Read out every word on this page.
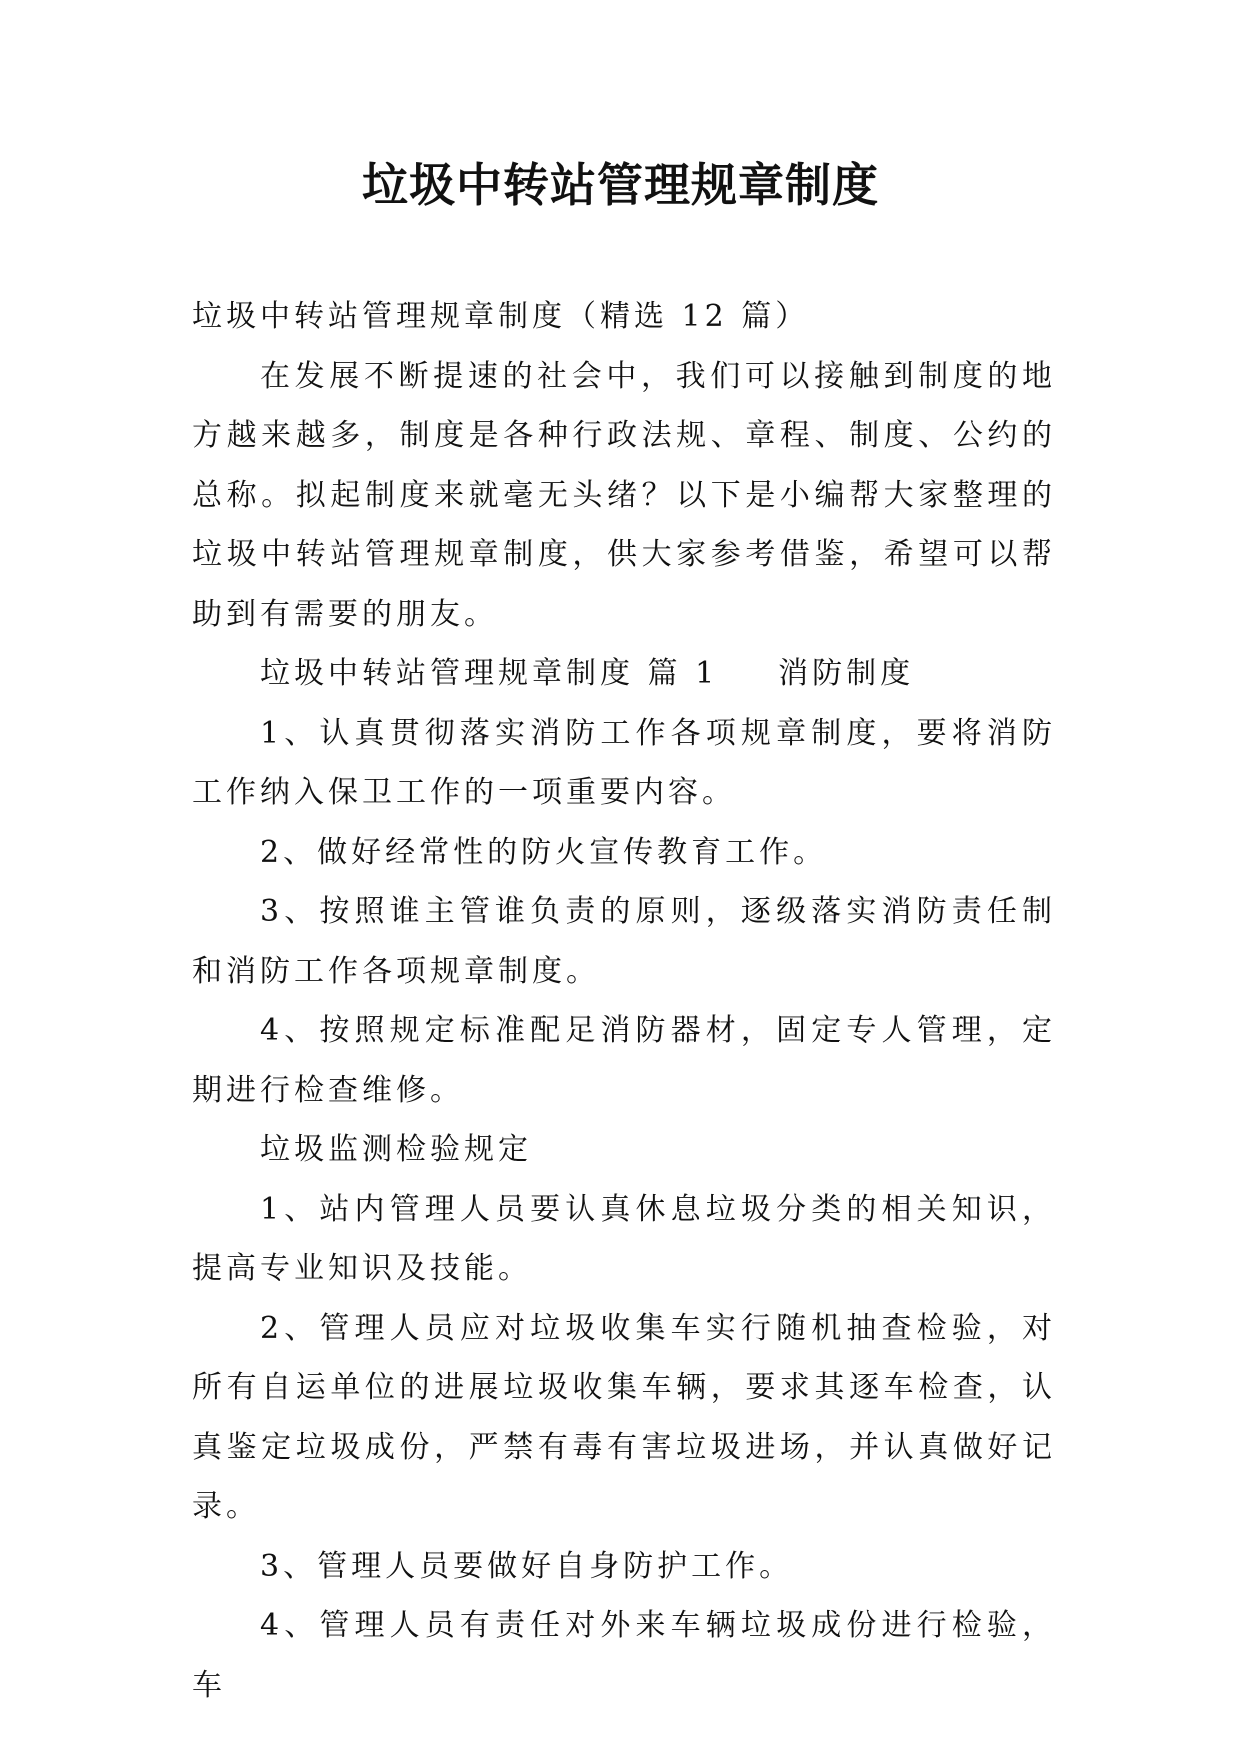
垃圾中转站管理规章制度

垃圾中转站管理规章制度（精选 12 篇）

在发展不断提速的社会中，我们可以接触到制度的地方越来越多，制度是各种行政法规、章程、制度、公约的总称。拟起制度来就毫无头绪？以下是小编帮大家整理的垃圾中转站管理规章制度，供大家参考借鉴，希望可以帮助到有需要的朋友。

垃圾中转站管理规章制度 篇 1 消防制度

1、认真贯彻落实消防工作各项规章制度，要将消防工作纳入保卫工作的一项重要内容。

2、做好经常性的防火宣传教育工作。

3、按照谁主管谁负责的原则，逐级落实消防责任制和消防工作各项规章制度。

4、按照规定标准配足消防器材，固定专人管理，定期进行检查维修。

垃圾监测检验规定

1、站内管理人员要认真休息垃圾分类的相关知识，提高专业知识及技能。

2、管理人员应对垃圾收集车实行随机抽查检验，对所有自运单位的进展垃圾收集车辆，要求其逐车检查，认真鉴定垃圾成份，严禁有毒有害垃圾进场，并认真做好记录。

3、管理人员要做好自身防护工作。

4、管理人员有责任对外来车辆垃圾成份进行检验，车
